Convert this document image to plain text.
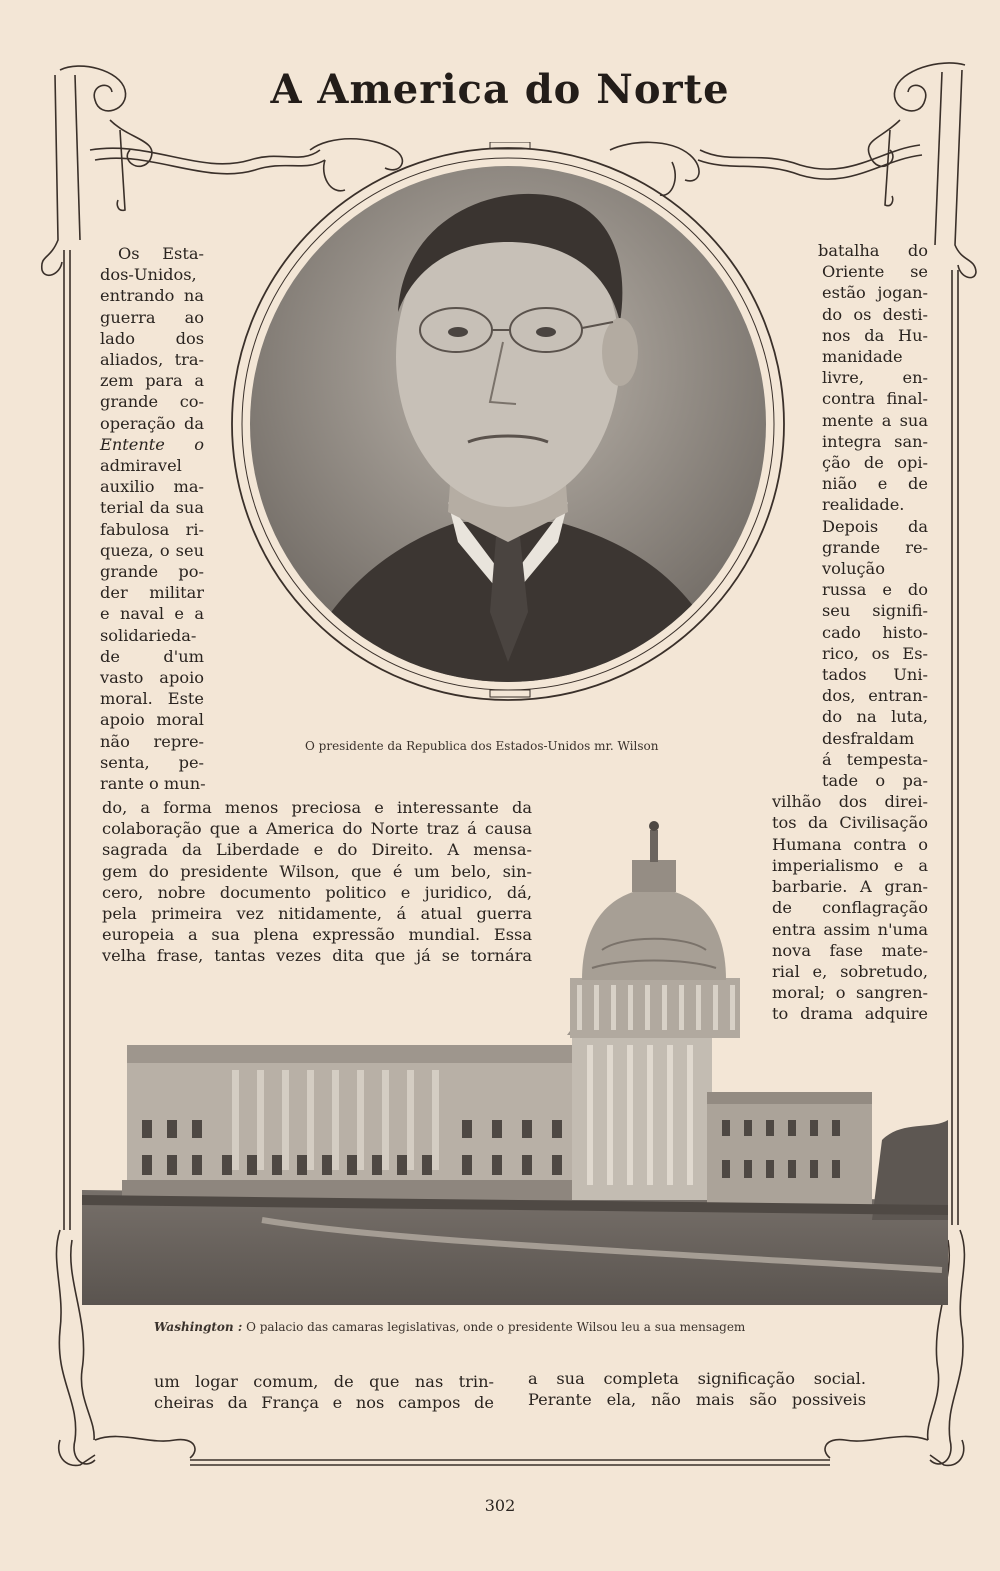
A America do Norte
O presidente da Republica dos Estados-Unidos mr. Wilson
Os Esta-
dos-Unidos,
entrando na
guerra ao
lado dos
aliados, tra-
zem para a
grande co-
operação da
Entente o
admiravel
auxilio ma-
terial da sua
fabulosa ri-
queza, o seu
grande po-
der militar
e naval e a
solidarieda-
de d'um
vasto apoio
moral. Este
apoio moral
não repre-
senta, pe-
rante o mun-
do, a forma menos preciosa e interessante da
colaboração que a America do Norte traz á causa
sagrada da Liberdade e do Direito. A mensa-
gem do presidente Wilson, que é um belo, sin-
cero, nobre documento politico e juridico, dá,
pela primeira vez nitidamente, á atual guerra
europeia a sua plena expressão mundial. Essa
velha frase, tantas vezes dita que já se tornára
batalha do
Oriente se
estão jogan-
do os desti-
nos da Hu-
manidade
livre, en-
contra final-
mente a sua
integra san-
ção de opi-
nião e de
realidade.
Depois da
grande re-
volução
russa e do
seu signifi-
cado histo-
rico, os Es-
tados Uni-
dos, entran-
do na luta,
desfraldam
á tempesta-
tade o pa-
vilhão dos direi-
tos da Civilisação
Humana contra o
imperialismo e a
barbarie. A gran-
de conflagração
entra assim n'uma
nova fase mate-
rial e, sobretudo,
moral; o sangren-
to drama adquire
Washington : O palacio das camaras legislativas, onde o presidente Wilsou leu a sua mensagem
um logar comum, de que nas trin-
cheiras da França e nos campos de
a sua completa significação social.
Perante ela, não mais são possiveis
302
